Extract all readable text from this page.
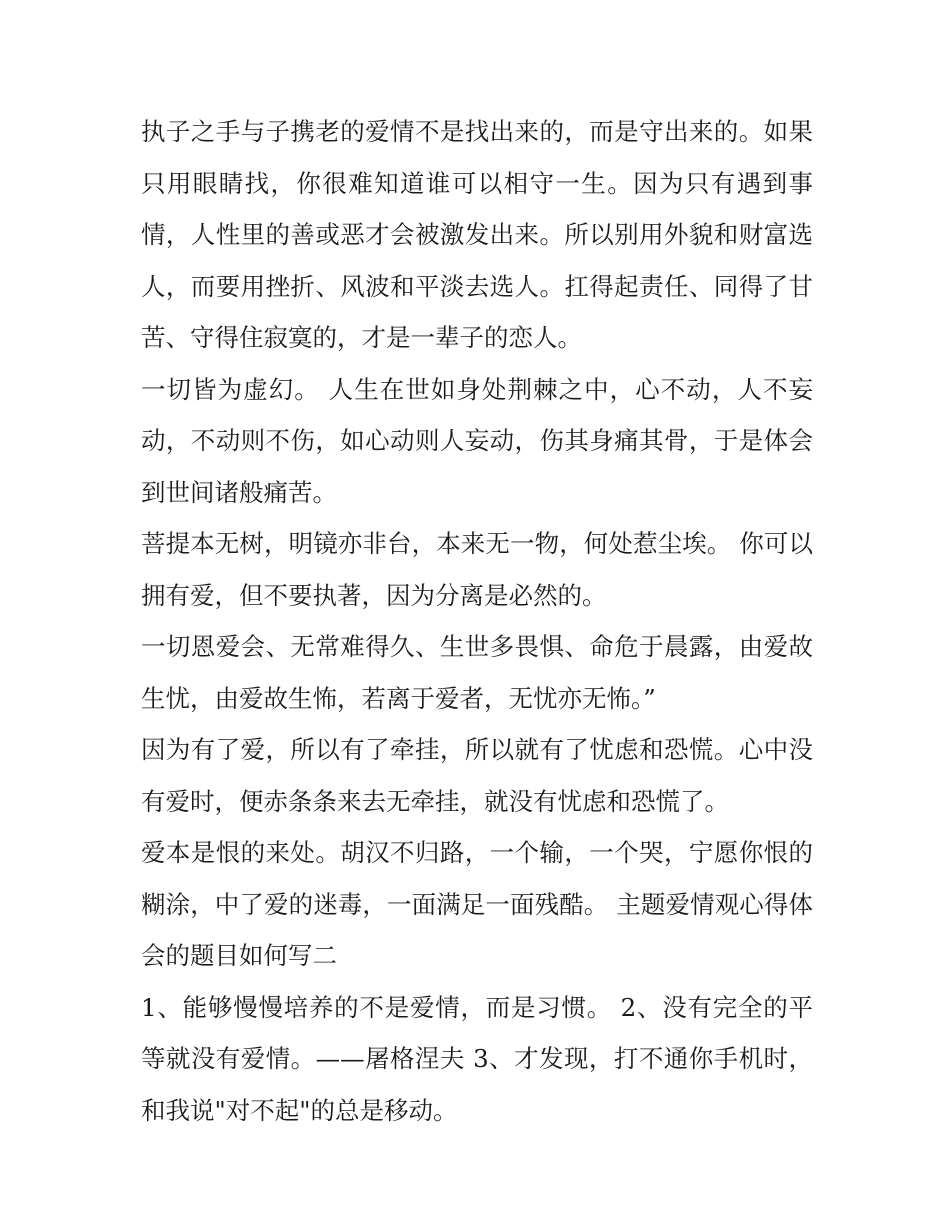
执子之手与子携老的爱情不是找出来的，而是守出来的。如果只用眼睛找，你很难知道谁可以相守一生。因为只有遇到事情，人性里的善或恶才会被激发出来。所以别用外貌和财富选人，而要用挫折、风波和平淡去选人。扛得起责任、同得了甘苦、守得住寂寞的，才是一辈子的恋人。

一切皆为虚幻。 人生在世如身处荆棘之中，心不动，人不妄动，不动则不伤，如心动则人妄动，伤其身痛其骨，于是体会到世间诸般痛苦。

菩提本无树，明镜亦非台，本来无一物，何处惹尘埃。 你可以拥有爱，但不要执著，因为分离是必然的。

一切恩爱会、无常难得久、生世多畏惧、命危于晨露，由爱故生忧，由爱故生怖，若离于爱者，无忧亦无怖。”

因为有了爱，所以有了牵挂，所以就有了忧虑和恐慌。心中没有爱时，便赤条条来去无牵挂，就没有忧虑和恐慌了。

爱本是恨的来处。胡汉不归路，一个输，一个哭，宁愿你恨的糊涂，中了爱的迷毒，一面满足一面残酷。 主题爱情观心得体会的题目如何写二

1、能够慢慢培养的不是爱情，而是习惯。 2、没有完全的平等就没有爱情。——屠格涅夫 3、才发现，打不通你手机时，和我说"对不起"的总是移动。
